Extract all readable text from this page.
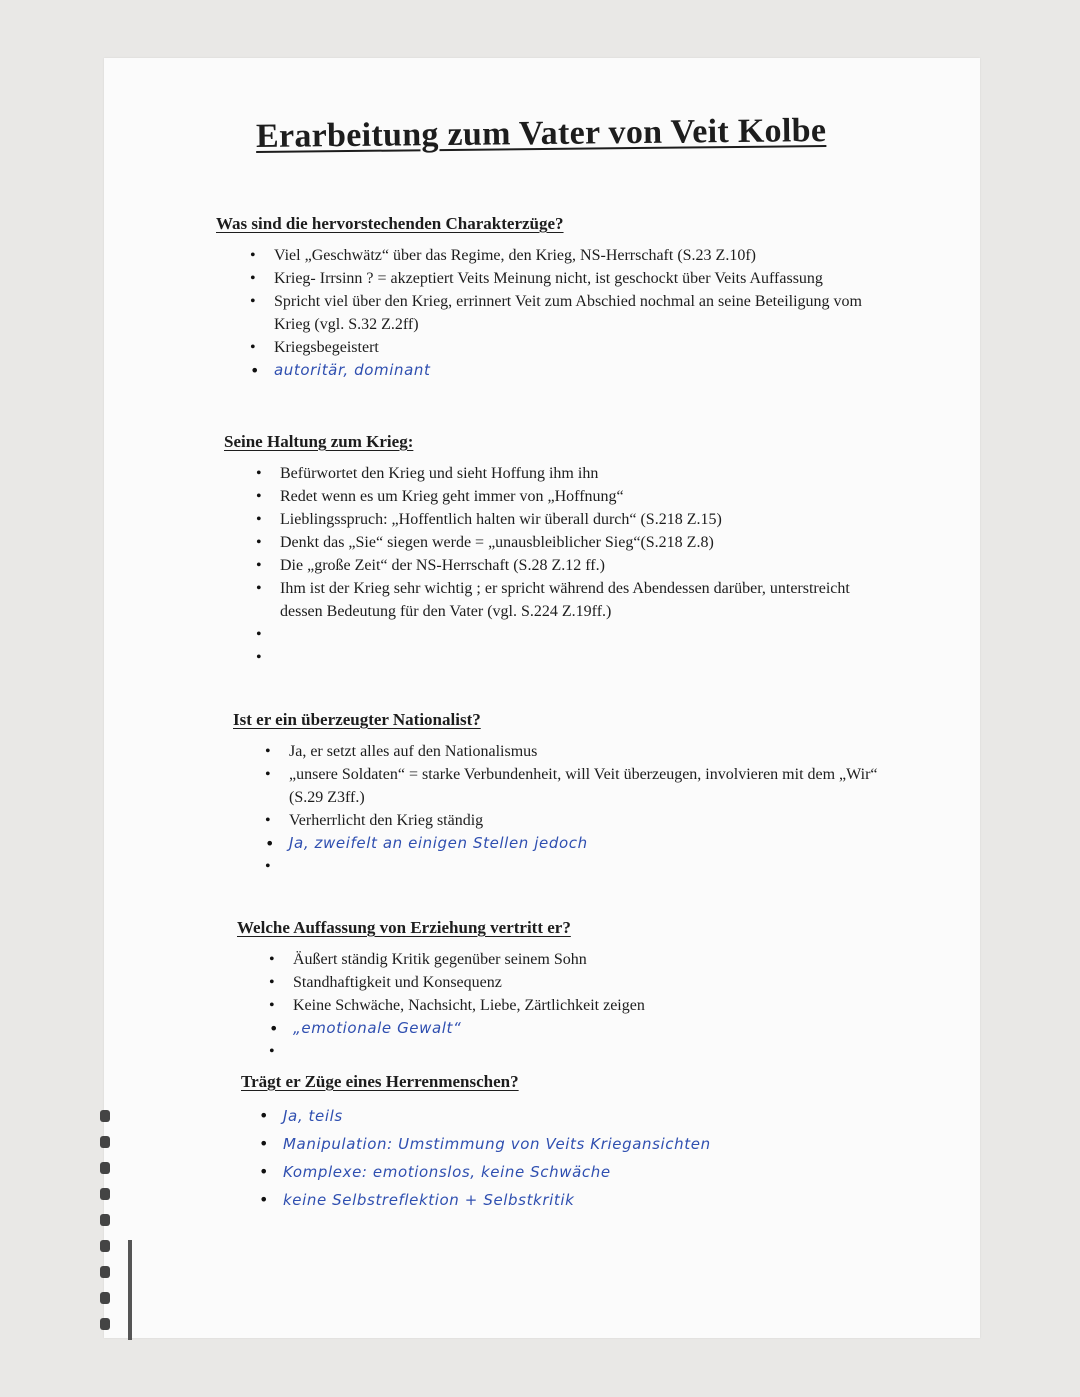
Erarbeitung zum Vater von Veit Kolbe
Was sind die hervorstechenden Charakterzüge?
• Viel „Geschwätz“ über das Regime, den Krieg, NS-Herrschaft (S.23 Z.10f)
• Krieg- Irrsinn ? = akzeptiert Veits Meinung nicht, ist geschockt über Veits Auffassung
• Spricht viel über den Krieg, errinnert Veit zum Abschied nochmal an seine Beteiligung vom Krieg (vgl. S.32 Z.2ff)
• Kriegsbegeistert
• autoritär, dominant
Seine Haltung zum Krieg:
• Befürwortet den Krieg und sieht Hoffung ihm ihn
• Redet wenn es um Krieg geht immer von „Hoffnung“
• Lieblingsspruch: „Hoffentlich halten wir überall durch“ (S.218 Z.15)
• Denkt das „Sie“ siegen werde = „unausbleiblicher Sieg“(S.218 Z.8)
• Die „große Zeit“ der NS-Herrschaft (S.28 Z.12 ff.)
• Ihm ist der Krieg sehr wichtig ; er spricht während des Abendessen darüber, unterstreicht dessen Bedeutung für den Vater (vgl. S.224 Z.19ff.)
•
•
Ist er ein überzeugter Nationalist?
• Ja, er setzt alles auf den Nationalismus
• „unsere Soldaten“ = starke Verbundenheit, will Veit überzeugen, involvieren mit dem „Wir“ (S.29 Z3ff.)
• Verherrlicht den Krieg ständig
• Ja, zweifelt an einigen Stellen jedoch
•
Welche Auffassung von Erziehung vertritt er?
• Äußert ständig Kritik gegenüber seinem Sohn
• Standhaftigkeit und Konsequenz
• Keine Schwäche, Nachsicht, Liebe, Zärtlichkeit zeigen
• „emotionale Gewalt“
•
Trägt er Züge eines Herrenmenschen?
• Ja, teils
• Manipulation: Umstimmung von Veits Kriegansichten
• Komplexe: emotionslos, keine Schwäche
• keine Selbstreflektion + Selbstkritik
